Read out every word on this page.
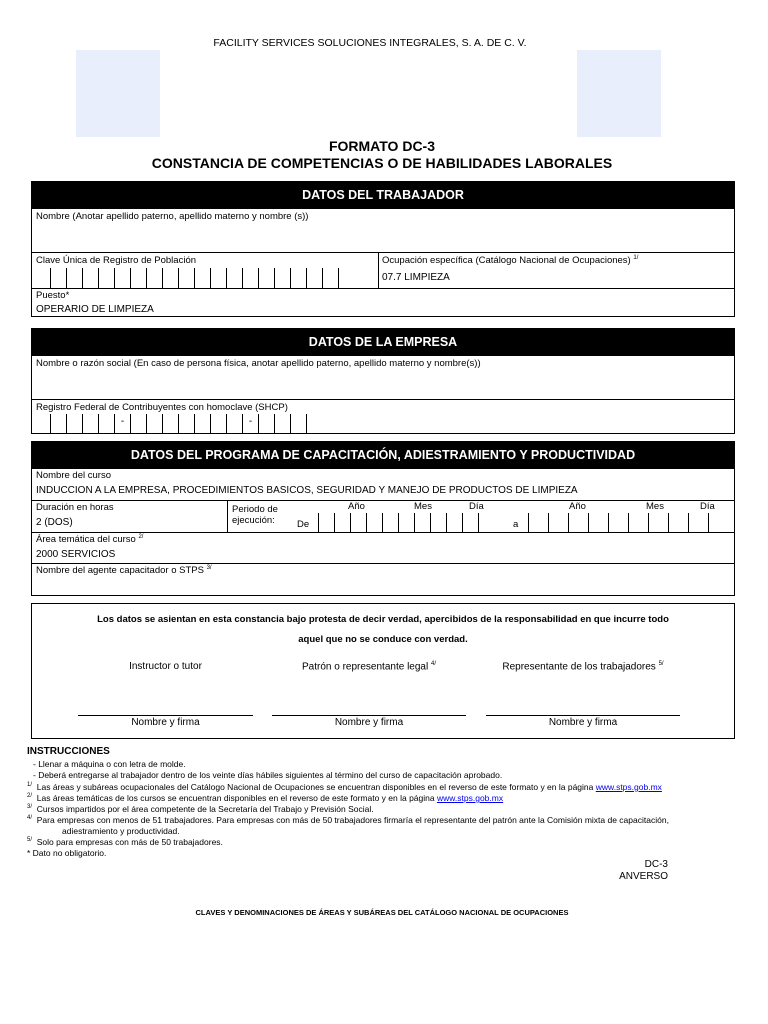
FACILITY SERVICES SOLUCIONES INTEGRALES, S. A. DE C. V.
FORMATO DC-3
CONSTANCIA DE COMPETENCIAS O DE HABILIDADES LABORALES
DATOS DEL TRABAJADOR
Nombre (Anotar apellido paterno, apellido materno y nombre (s))
Clave Única de Registro de Población	Ocupación específica (Catálogo Nacional de Ocupaciones) $^{1/}$
07.7 LIMPIEZA
Puesto*
OPERARIO DE LIMPIEZA
DATOS DE LA EMPRESA
Nombre o razón social (En caso de persona física, anotar apellido paterno, apellido materno y nombre(s))
Registro Federal de Contribuyentes con homoclave (SHCP)
-	-
DATOS DEL PROGRAMA DE CAPACITACIÓN, ADIESTRAMIENTO Y PRODUCTIVIDAD
Nombre del curso
INDUCCION A LA EMPRESA, PROCEDIMIENTOS BASICOS, SEGURIDAD Y MANEJO DE PRODUCTOS DE LIMPIEZA
Duración en horas
2 (DOS)
Periodo de
ejecución: De
Año	Mes	Día
a
Año	Mes	Día
Área temática del curso $^{2/}$
2000 SERVICIOS
Nombre del agente capacitador o STPS $^{3/}$
Los datos se asientan en esta constancia bajo protesta de decir verdad, apercibidos de la responsabilidad en que incurre todo
aquel que no se conduce con verdad.
Instructor o tutor	Patrón o representante legal $^{4/}$	Representante de los trabajadores $^{5/}$
Nombre y firma	Nombre y firma	Nombre y firma
INSTRUCCIONES
- Llenar a máquina o con letra de molde.
- Deberá entregarse al trabajador dentro de los veinte días hábiles siguientes al término del curso de capacitación aprobado.
$^{1/}$ Las áreas y subáreas ocupacionales del Catálogo Nacional de Ocupaciones se encuentran disponibles en el reverso de este formato y en la página www.stps.gob.mx
$^{2/}$ Las áreas temáticas de los cursos se encuentran disponibles en el reverso de este formato y en la página www.stps.gob.mx
$^{3/}$ Cursos impartidos por el área competente de la Secretaría del Trabajo y Previsión Social.
$^{4/}$ Para empresas con menos de 51 trabajadores. Para empresas con más de 50 trabajadores firmaría el representante del patrón ante la Comisión mixta de capacitación,
adiestramiento y productividad.
$^{5/}$ Solo para empresas con más de 50 trabajadores.
* Dato no obligatorio.
DC-3
ANVERSO
CLAVES Y DENOMINACIONES DE ÁREAS Y SUBÁREAS DEL CATÁLOGO NACIONAL DE OCUPACIONES
